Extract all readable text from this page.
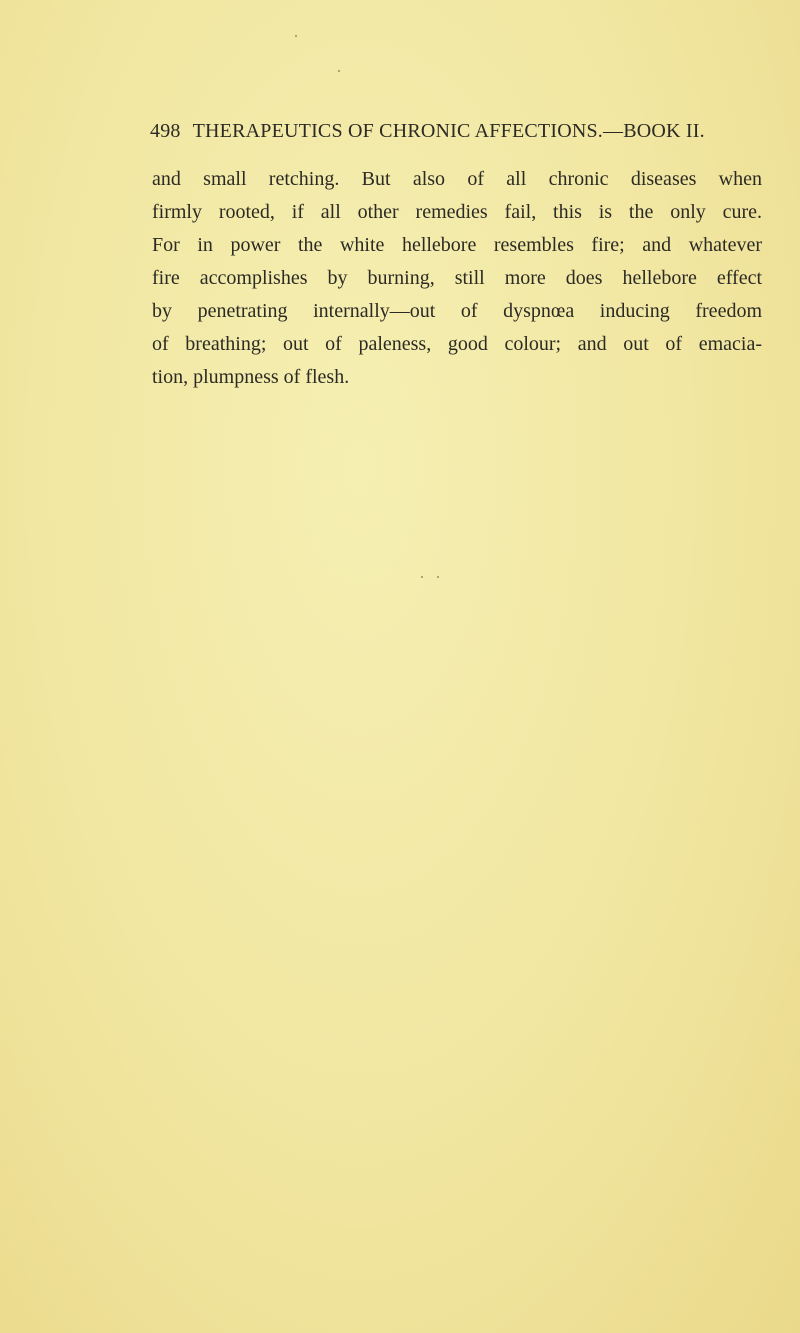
498 THERAPEUTICS OF CHRONIC AFFECTIONS.—BOOK II.

and small retching. But also of all chronic diseases when
firmly rooted, if all other remedies fail, this is the only cure.
For in power the white hellebore resembles fire; and whatever
fire accomplishes by burning, still more does hellebore effect
by penetrating internally—out of dyspnœa inducing freedom
of breathing; out of paleness, good colour; and out of emacia-
tion, plumpness of flesh.
